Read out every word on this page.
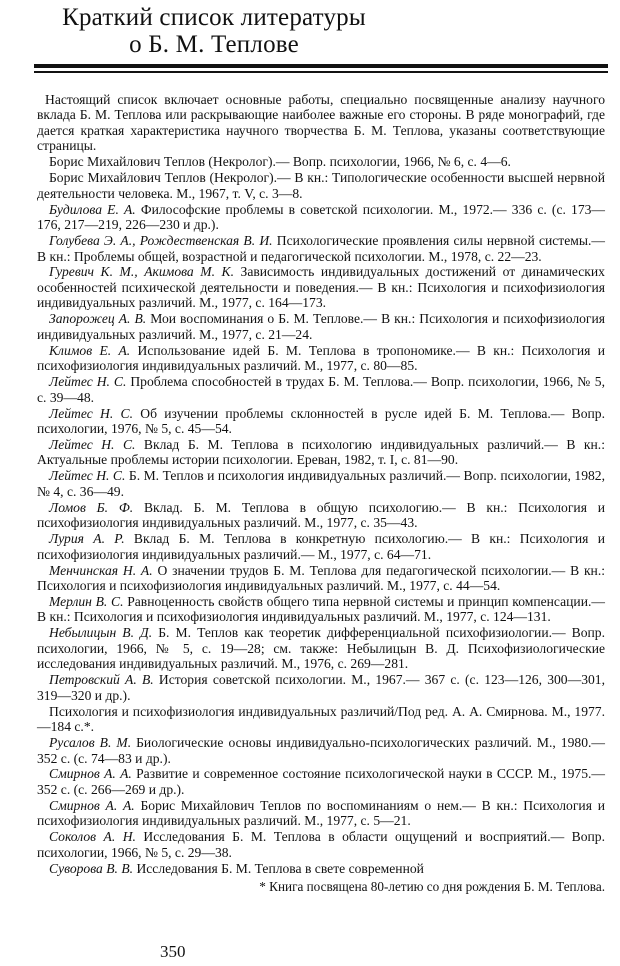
Краткий список литературы
о Б. М. Теплове

Настоящий список включает основные работы, специально посвященные анализу научного вклада Б. М. Теплова или раскрывающие наиболее важные его стороны. В ряде монографий, где дается краткая характеристика научного творчества Б. М. Теплова, указаны соответствующие страницы.

Борис Михайлович Теплов (Некролог).— Вопр. психологии, 1966, № 6, с. 4—6.

Борис Михайлович Теплов (Некролог).— В кн.: Типологические особенности высшей нервной деятельности человека. М., 1967, т. V, с. 3—8.

Будилова Е. А. Философские проблемы в советской психологии. М., 1972.— 336 с. (с. 173—176, 217—219, 226—230 и др.).

Голубева Э. А., Рождественская В. И. Психологические проявления силы нервной системы.— В кн.: Проблемы общей, возрастной и педагогической психологии. М., 1978, с. 22—23.

Гуревич К. М., Акимова М. К. Зависимость индивидуальных достижений от динамических особенностей психической деятельности и поведения.— В кн.: Психология и психофизиология индивидуальных различий. М., 1977, с. 164—173.

Запорожец А. В. Мои воспоминания о Б. М. Теплове.— В кн.: Психология и психофизиология индивидуальных различий. М., 1977, с. 21—24.

Климов Е. А. Использование идей Б. М. Теплова в тропономике.— В кн.: Психология и психофизиология индивидуальных различий. М., 1977, с. 80—85.

Лейтес Н. С. Проблема способностей в трудах Б. М. Теплова.— Вопр. психологии, 1966, № 5, с. 39—48.

Лейтес Н. С. Об изучении проблемы склонностей в русле идей Б. М. Теплова.— Вопр. психологии, 1976, № 5, с. 45—54.

Лейтес Н. С. Вклад Б. М. Теплова в психологию индивидуальных различий.— В кн.: Актуальные проблемы истории психологии. Ереван, 1982, т. I, с. 81—90.

Лейтес Н. С. Б. М. Теплов и психология индивидуальных различий.— Вопр. психологии, 1982, № 4, с. 36—49.

Ломов Б. Ф. Вклад. Б. М. Теплова в общую психологию.— В кн.: Психология и психофизиология индивидуальных различий. М., 1977, с. 35—43.

Лурия А. Р. Вклад Б. М. Теплова в конкретную психологию.— В кн.: Психология и психофизиология индивидуальных различий.— М., 1977, с. 64—71.

Менчинская Н. А. О значении трудов Б. М. Теплова для педагогической психологии.— В кн.: Психология и психофизиология индивидуальных различий. М., 1977, с. 44—54.

Мерлин В. С. Равноценность свойств общего типа нервной системы и принцип компенсации.— В кн.: Психология и психофизиология индивидуальных различий. М., 1977, с. 124—131.

Небылицын В. Д. Б. М. Теплов как теоретик дифференциальной психофизиологии.— Вопр. психологии, 1966, № 5, с. 19—28; см. также: Небылицын В. Д. Психофизиологические исследования индивидуальных различий. М., 1976, с. 269—281.

Петровский А. В. История советской психологии. М., 1967.— 367 с. (с. 123—126, 300—301, 319—320 и др.).

Психология и психофизиология индивидуальных различий/Под ред. А. А. Смирнова. М., 1977.—184 с.*.

Русалов В. М. Биологические основы индивидуально-психологических различий. М., 1980.—352 с. (с. 74—83 и др.).

Смирнов А. А. Развитие и современное состояние психологической науки в СССР. М., 1975.—352 с. (с. 266—269 и др.).

Смирнов А. А. Борис Михайлович Теплов по воспоминаниям о нем.— В кн.: Психология и психофизиология индивидуальных различий. М., 1977, с. 5—21.

Соколов А. Н. Исследования Б. М. Теплова в области ощущений и восприятий.— Вопр. психологии, 1966, № 5, с. 29—38.

Суворова В. В. Исследования Б. М. Теплова в свете современной

* Книга посвящена 80-летию со дня рождения Б. М. Теплова.

350
